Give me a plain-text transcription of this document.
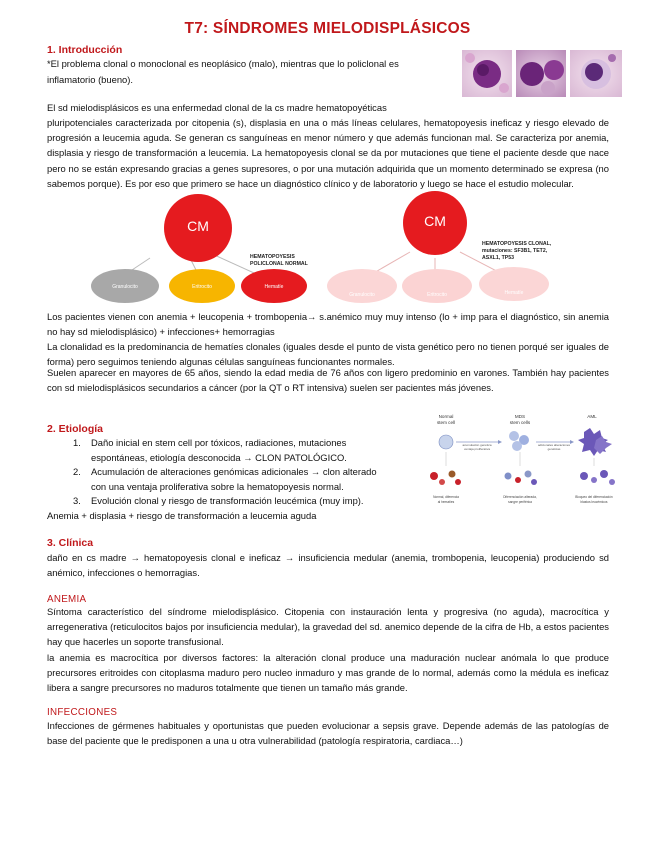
T7: SÍNDROMES MIELODISPLÁSICOS
1. Introducción
*El problema clonal o monoclonal es neoplásico (malo), mientras que lo policlonal es
inflamatorio (bueno).
El sd mielodisplásicos es una enfermedad clonal de la cs madre hematopoyéticas
pluripotenciales caracterizada por citopenia (s), displasia en una o más líneas celulares, hematopoyesis ineficaz y riesgo elevado de progresión a leucemia aguda. Se generan cs sanguíneas en menor número y que además funcionan mal. Se caracteriza por anemia, displasia y riesgo de transformación a leucemia. La hematopoyesis clonal se da por mutaciones que tiene el paciente desde que nace pero no se están expresando gracias a genes supresores, o por una mutación adquirida que un momento determinado se expresa (no sabemos porque). Es por eso que primero se hace un diagnóstico clínico y de laboratorio y luego se hace el estudio molecular.
CM
Granulocito	Eritrocito	Hematíe
HEMATOPOYESIS
POLICLONAL NORMAL
CM
Granulocito	Eritrocito	Hematíe
HEMATOPOYESIS CLONAL,
mutaciones: SF3B1, TET2,
ASXL1, TP53
Los pacientes vienen con anemia + leucopenia + trombopenia→ s.anémico muy muy intenso (lo + imp para el diagnóstico, sin anemia no hay sd mielodisplásico) + infecciones+ hemorragias
La clonalidad es la predominancia de hematíes clonales (iguales desde el punto de vista genético pero no tienen porqué ser iguales de forma) pero seguimos teniendo algunas células sanguíneas funcionantes normales.
Suelen aparecer en mayores de 65 años, siendo la edad media de 76 años con ligero predominio en varones. También hay pacientes con sd mielodisplásicos secundarios a cáncer (por la QT o RT intensiva) suelen ser pacientes más jóvenes.
2. Etiología
1. Daño inicial en stem cell por tóxicos, radiaciones, mutaciones
espontáneas, etiología desconocida → CLON PATOLÓGICO.
2. Acumulación de alteraciones genómicas adicionales → clon alterado
con una ventaja proliferativa sobre la hematopoyesis normal.
3. Evolución clonal y riesgo de transformación leucémica (muy imp).
Anemia + displasia + riesgo de transformación a leucemia aguda
Normal
stem cell
MDS
stem cells
AML
acumulación genética
ventaja proliferativa
adicionales alteraciones
genéticas
Normal, diferencia
al hematíes
Diferenciación alterada,
sangre periférica
Bloqueo del diferenciación
blastos leucémicos
3. Clínica
daño en cs madre → hematopoyesis clonal e ineficaz → insuficiencia medular (anemia, trombopenia, leucopenia) produciendo sd anémico, infecciones o hemorragias.
ANEMIA
Síntoma característico del síndrome mielodisplásico. Citopenia con instauración lenta y progresiva (no aguda), macrocítica y arregenerativa (reticulocitos bajos por insuficiencia medular), la gravedad del sd. anemico depende de la cifra de Hb, a estos pacientes hay que hacerles un soporte transfusional.
la anemia es macrocítica por diversos factores: la alteración clonal produce una maduración nuclear anómala lo que produce precursores eritroides con citoplasma maduro pero nucleo inmaduro y mas grande de lo normal, además como la médula es ineficaz libera a sangre precursores no maduros totalmente que tienen un tamaño más grande.
INFECCIONES
Infecciones de gérmenes habituales y oportunistas que pueden evolucionar a sepsis grave. Depende además de las patologías de base del paciente que le predisponen a una u otra vulnerabilidad (patología respiratoria, cardiaca…)
